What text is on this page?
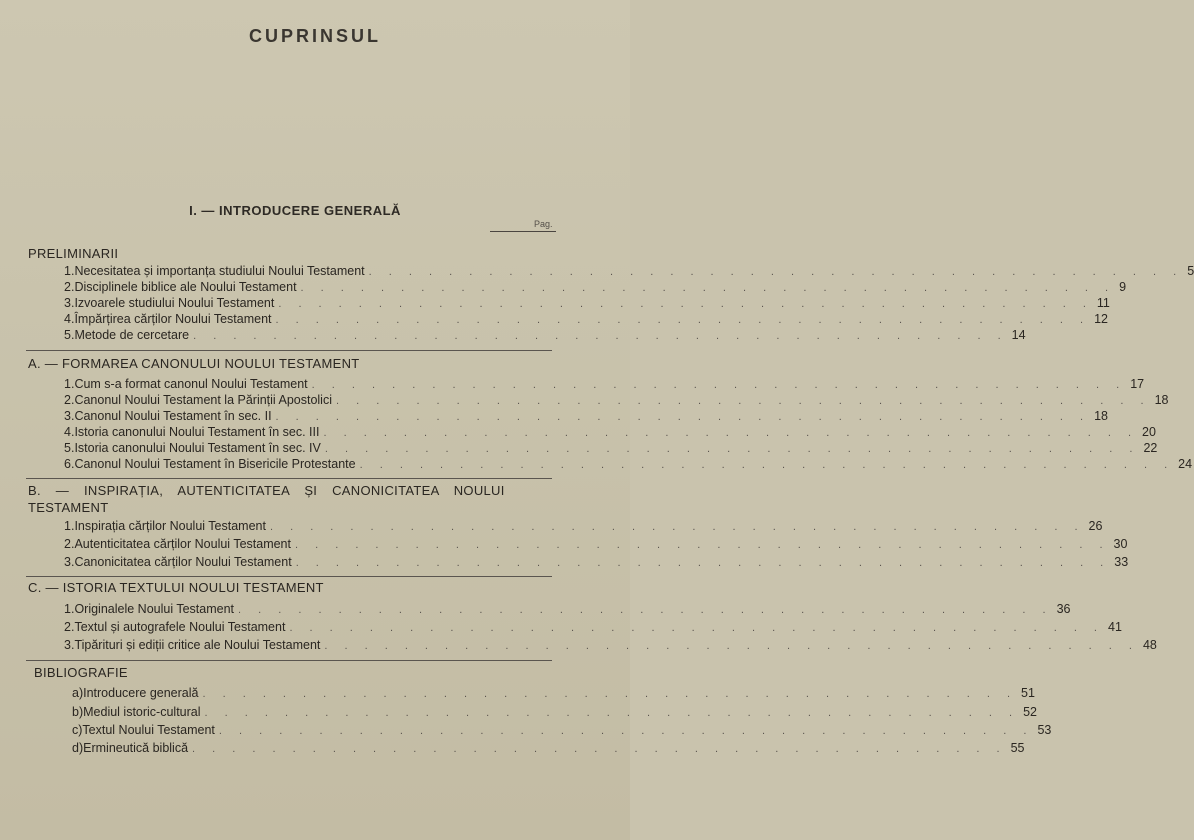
CUPRINSUL
I. — INTRODUCERE GENERALĂ
Pag.
PRELIMINARII
1. Necesitatea și importanța studiului Noului Testament . . . . . . . . . . . . . . . . . . . . . . . . . . . . . . . . . . . . . . . . . 5
2. Disciplinele biblice ale Noului Testament . . . . . . . . . . . . . . . . . . . . . . . . . . . . . . . . . . . . . . . . . 9
3. Izvoarele studiului Noului Testament . . . . . . . . . . . . . . . . . . . . . . . . . . . . . . . . . . . . . . . . . 11
4. Împărțirea cărților Noului Testament . . . . . . . . . . . . . . . . . . . . . . . . . . . . . . . . . . . . . . . . . 12
5. Metode de cercetare . . . . . . . . . . . . . . . . . . . . . . . . . . . . . . . . . . . . . . . . . 14
A. — FORMAREA CANONULUI NOULUI TESTAMENT
1. Cum s-a format canonul Noului Testament . . . . . . . . . . . . . . . . . . . . . . . . . . . . . . . . . . . . . . . . . 17
2. Canonul Noului Testament la Părinții Apostolici . . . . . . . . . . . . . . . . . . . . . . . . . . . . . . . . . . . . . . . . . 18
3. Canonul Noului Testament în sec. II . . . . . . . . . . . . . . . . . . . . . . . . . . . . . . . . . . . . . . . . . 18
4. Istoria canonului Noului Testament în sec. III . . . . . . . . . . . . . . . . . . . . . . . . . . . . . . . . . . . . . . . . . 20
5. Istoria canonului Noului Testament în sec. IV . . . . . . . . . . . . . . . . . . . . . . . . . . . . . . . . . . . . . . . . . 22
6. Canonul Noului Testament în Bisericile Protestante . . . . . . . . . . . . . . . . . . . . . . . . . . . . . . . . . . . . . . . . . 24
B. — INSPIRAȚIA, AUTENTICITATEA ȘI CANONICITATEA NOULUI TESTAMENT
1. Inspirația cărților Noului Testament . . . . . . . . . . . . . . . . . . . . . . . . . . . . . . . . . . . . . . . . . 26
2. Autenticitatea cărților Noului Testament . . . . . . . . . . . . . . . . . . . . . . . . . . . . . . . . . . . . . . . . . 30
3. Canonicitatea cărților Noului Testament . . . . . . . . . . . . . . . . . . . . . . . . . . . . . . . . . . . . . . . . . 33
C. — ISTORIA TEXTULUI NOULUI TESTAMENT
1. Originalele Noului Testament . . . . . . . . . . . . . . . . . . . . . . . . . . . . . . . . . . . . . . . . . 36
2. Textul și autografele Noului Testament . . . . . . . . . . . . . . . . . . . . . . . . . . . . . . . . . . . . . . . . . 41
3. Tipărituri și ediții critice ale Noului Testament . . . . . . . . . . . . . . . . . . . . . . . . . . . . . . . . . . . . . . . . . 48
BIBLIOGRAFIE
a) Introducere generală . . . . . . . . . . . . . . . . . . . . . . . . . . . . . . . . . . . . . . . . . 51
b) Mediul istoric-cultural . . . . . . . . . . . . . . . . . . . . . . . . . . . . . . . . . . . . . . . . . 52
c) Textul Noului Testament . . . . . . . . . . . . . . . . . . . . . . . . . . . . . . . . . . . . . . . . . 53
d) Ermineutică biblică . . . . . . . . . . . . . . . . . . . . . . . . . . . . . . . . . . . . . . . . . 55
